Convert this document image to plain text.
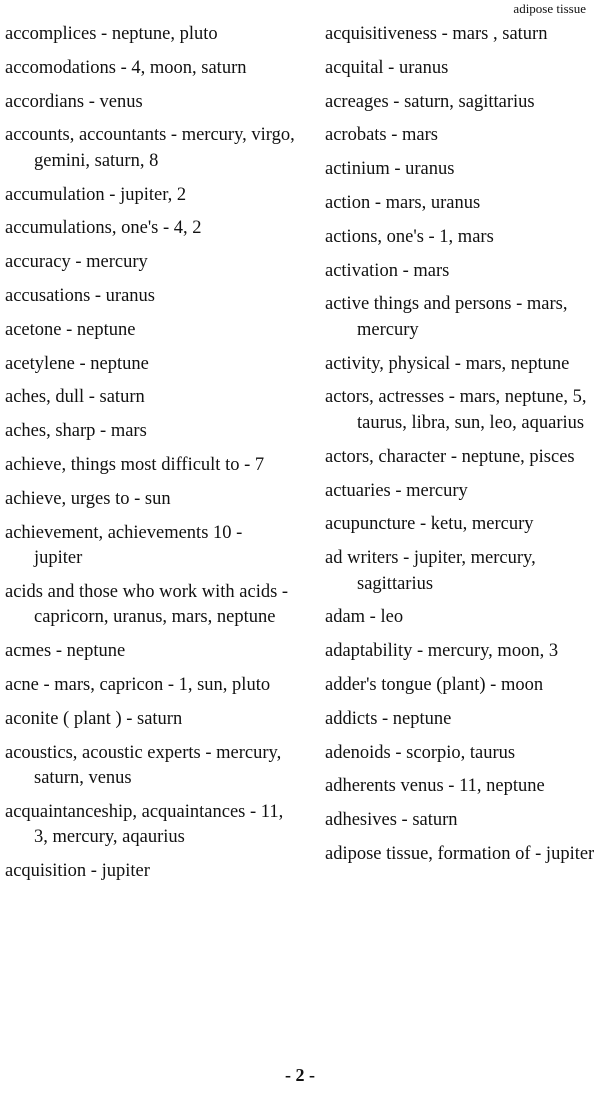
adipose tissue
accomplices - neptune, pluto
accomodations - 4, moon, saturn
accordians - venus
accounts, accountants - mercury, virgo, gemini, saturn, 8
accumulation - jupiter, 2
accumulations, one's - 4, 2
accuracy - mercury
accusations - uranus
acetone - neptune
acetylene - neptune
aches, dull - saturn
aches, sharp - mars
achieve, things most difficult to - 7
achieve, urges to - sun
achievement, achievements 10 - jupiter
acids and those who work with acids - capricorn, uranus, mars, neptune
acmes - neptune
acne - mars, capricon - 1, sun, pluto
aconite ( plant ) - saturn
acoustics, acoustic experts - mercury, saturn, venus
acquaintanceship, acquaintances - 11, 3, mercury, aqaurius
acquisition - jupiter
acquisitiveness - mars , saturn
acquital - uranus
acreages - saturn, sagittarius
acrobats - mars
actinium - uranus
action - mars, uranus
actions, one's - 1, mars
activation - mars
active things and persons - mars, mercury
activity, physical - mars, neptune
actors, actresses - mars, neptune, 5, taurus, libra, sun, leo, aquarius
actors, character - neptune, pisces
actuaries - mercury
acupuncture - ketu, mercury
ad writers - jupiter, mercury, sagittarius
adam - leo
adaptability - mercury, moon, 3
adder's tongue (plant) - moon
addicts - neptune
adenoids - scorpio, taurus
adherents venus - 11, neptune
adhesives - saturn
adipose tissue, formation of - jupiter
- 2 -
